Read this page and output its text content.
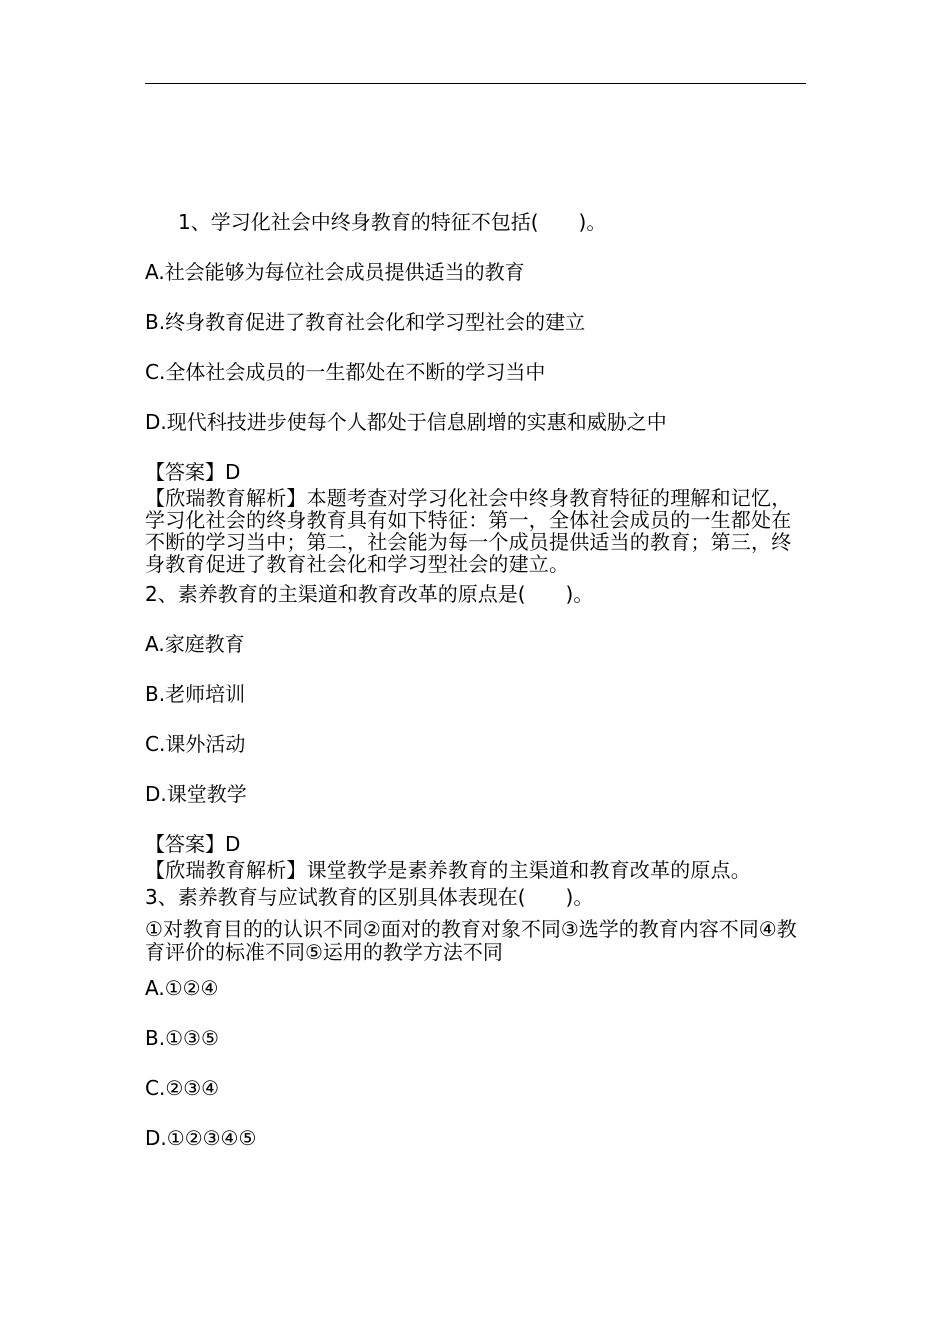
1、学习化社会中终身教育的特征不包括(　　)。
A.社会能够为每位社会成员提供适当的教育
B.终身教育促进了教育社会化和学习型社会的建立
C.全体社会成员的一生都处在不断的学习当中
D.现代科技进步使每个人都处于信息剧增的实惠和威胁之中
【答案】D
【欣瑞教育解析】本题考查对学习化社会中终身教育特征的理解和记忆，学习化社会的终身教育具有如下特征：第一，全体社会成员的一生都处在不断的学习当中；第二，社会能为每一个成员提供适当的教育；第三，终身教育促进了教育社会化和学习型社会的建立。
2、素养教育的主渠道和教育改革的原点是(　　)。
A.家庭教育
B.老师培训
C.课外活动
D.课堂教学
【答案】D
【欣瑞教育解析】课堂教学是素养教育的主渠道和教育改革的原点。
3、素养教育与应试教育的区别具体表现在(　　)。
①对教育目的的认识不同②面对的教育对象不同③选学的教育内容不同④教育评价的标准不同⑤运用的教学方法不同
A.①②④
B.①③⑤
C.②③④
D.①②③④⑤
